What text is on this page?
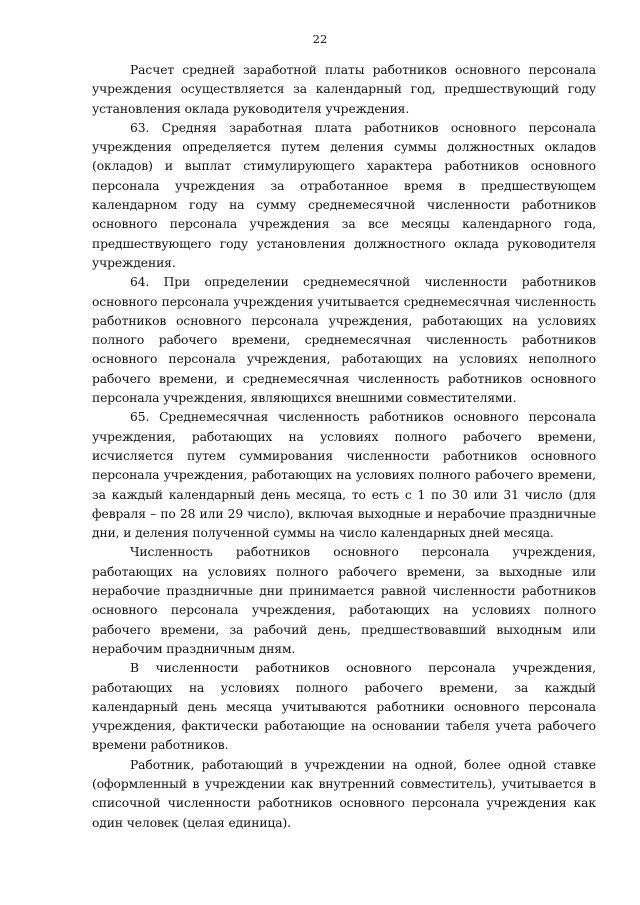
22

Расчет средней заработной платы работников основного персонала учреждения осуществляется за календарный год, предшествующий году установления оклада руководителя учреждения.

63. Средняя заработная плата работников основного персонала учреждения определяется путем деления суммы должностных окладов (окладов) и выплат стимулирующего характера работников основного персонала учреждения за отработанное время в предшествующем календарном году на сумму среднемесячной численности работников основного персонала учреждения за все месяцы календарного года, предшествующего году установления должностного оклада руководителя учреждения.

64. При определении среднемесячной численности работников основного персонала учреждения учитывается среднемесячная численность работников основного персонала учреждения, работающих на условиях полного рабочего времени, среднемесячная численность работников основного персонала учреждения, работающих на условиях неполного рабочего времени, и среднемесячная численность работников основного персонала учреждения, являющихся внешними совместителями.

65. Среднемесячная численность работников основного персонала учреждения, работающих на условиях полного рабочего времени, исчисляется путем суммирования численности работников основного персонала учреждения, работающих на условиях полного рабочего времени, за каждый календарный день месяца, то есть с 1 по 30 или 31 число (для февраля – по 28 или 29 число), включая выходные и нерабочие праздничные дни, и деления полученной суммы на число календарных дней месяца.

Численность работников основного персонала учреждения, работающих на условиях полного рабочего времени, за выходные или нерабочие праздничные дни принимается равной численности работников основного персонала учреждения, работающих на условиях полного рабочего времени, за рабочий день, предшествовавший выходным или нерабочим праздничным дням.

В численности работников основного персонала учреждения, работающих на условиях полного рабочего времени, за каждый календарный день месяца учитываются работники основного персонала учреждения, фактически работающие на основании табеля учета рабочего времени работников.

Работник, работающий в учреждении на одной, более одной ставке (оформленный в учреждении как внутренний совместитель), учитывается в списочной численности работников основного персонала учреждения как один человек (целая единица).
